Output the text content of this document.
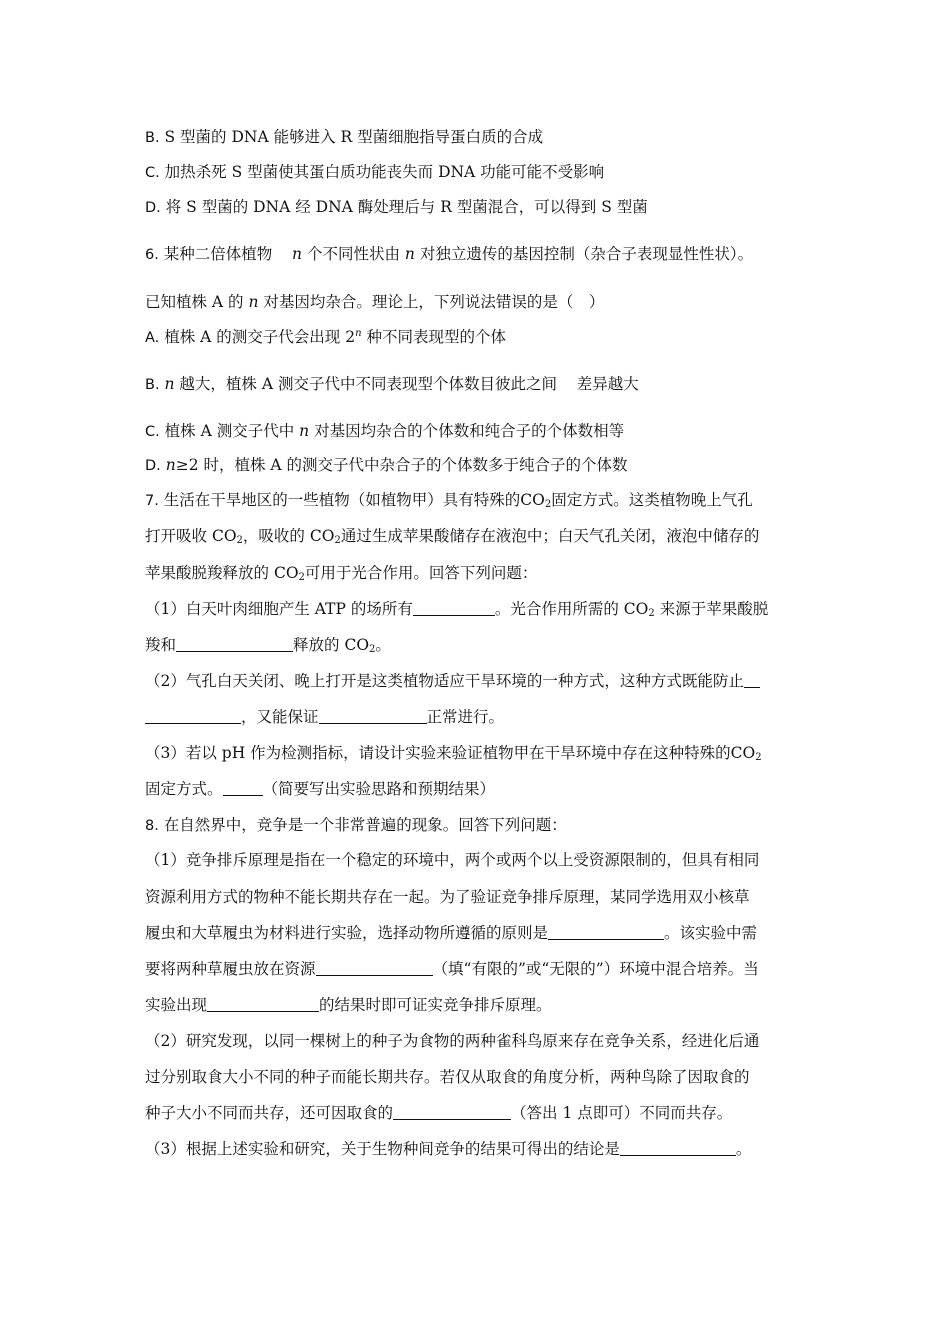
B. S 型菌的 DNA 能够进入 R 型菌细胞指导蛋白质的合成
C. 加热杀死 S 型菌使其蛋白质功能丧失而 DNA 功能可能不受影响
D. 将 S 型菌的 DNA 经 DNA 酶处理后与 R 型菌混合，可以得到 S 型菌
6. 某种二倍体植物 n 个不同性状由 n 对独立遗传的基因控制（杂合子表现显性性状）。
已知植株 A 的 n 对基因均杂合。理论上，下列说法错误的是（　）
A. 植株 A 的测交子代会出现 2$^n$ 种不同表现型的个体
B. n 越大，植株 A 测交子代中不同表现型个体数目彼此之间 差异越大
C. 植株 A 测交子代中 n 对基因均杂合的个体数和纯合子的个体数相等
D. n≥2 时，植株 A 的测交子代中杂合子的个体数多于纯合子的个体数
7. 生活在干旱地区的一些植物（如植物甲）具有特殊的$CO_2$固定方式。这类植物晚上气孔
打开吸收 $CO_2$，吸收的 $CO_2$通过生成苹果酸储存在液泡中；白天气孔关闭，液泡中储存的
苹果酸脱羧释放的 $CO_2$可用于光合作用。回答下列问题：
（1）白天叶肉细胞产生 ATP 的场所有	。光合作用所需的 $CO_2$ 来源于苹果酸脱
羧和	释放的 $CO_2$。
（2）气孔白天关闭、晚上打开是这类植物适应干旱环境的一种方式，这种方式既能防止
，又能保证	正常进行。
（3）若以 pH 作为检测指标，请设计实验来验证植物甲在干旱环境中存在这种特殊的$CO_2$
固定方式。	（简要写出实验思路和预期结果）
8. 在自然界中，竞争是一个非常普遍的现象。回答下列问题：
（1）竞争排斥原理是指在一个稳定的环境中，两个或两个以上受资源限制的，但具有相同
资源利用方式的物种不能长期共存在一起。为了验证竞争排斥原理，某同学选用双小核草
履虫和大草履虫为材料进行实验，选择动物所遵循的原则是	。该实验中需
要将两种草履虫放在资源	（填“有限的”或“无限的”）环境中混合培养。当
实验出现	的结果时即可证实竞争排斥原理。
（2）研究发现，以同一棵树上的种子为食物的两种雀科鸟原来存在竞争关系，经进化后通
过分别取食大小不同的种子而能长期共存。若仅从取食的角度分析，两种鸟除了因取食的
种子大小不同而共存，还可因取食的	（答出 1 点即可）不同而共存。
（3）根据上述实验和研究，关于生物种间竞争的结果可得出的结论是	。
